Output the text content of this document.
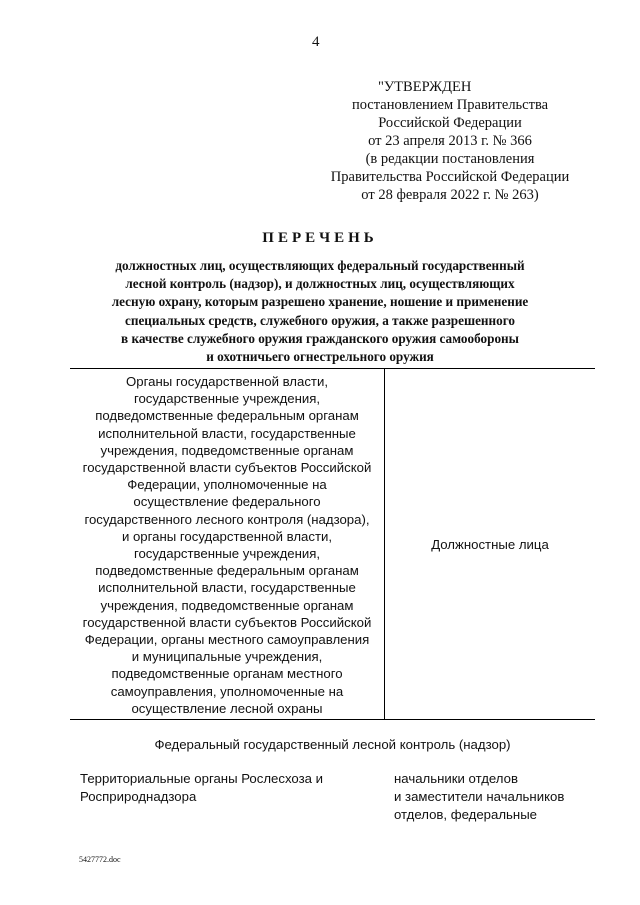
4
"УТВЕРЖДЕН
постановлением Правительства
Российской Федерации
от 23 апреля 2013 г. № 366
(в редакции постановления
Правительства Российской Федерации
от 28 февраля 2022 г. № 263)
ПЕРЕЧЕНЬ
должностных лиц, осуществляющих федеральный государственный
лесной контроль (надзор), и должностных лиц, осуществляющих
лесную охрану, которым разрешено хранение, ношение и применение
специальных средств, служебного оружия, а также разрешенного
в качестве служебного оружия гражданского оружия самообороны
и охотничьего огнестрельного оружия
Органы государственной власти,
государственные учреждения,
подведомственные федеральным органам
исполнительной власти, государственные
учреждения, подведомственные органам
государственной власти субъектов Российской
Федерации, уполномоченные на
осуществление федерального
государственного лесного контроля (надзора),
и органы государственной власти,
государственные учреждения,
подведомственные федеральным органам
исполнительной власти, государственные
учреждения, подведомственные органам
государственной власти субъектов Российской
Федерации, органы местного самоуправления
и муниципальные учреждения,
подведомственные органам местного
самоуправления, уполномоченные на
осуществление лесной охраны
Должностные лица
Федеральный государственный лесной контроль (надзор)
Территориальные органы Рослесхоза и
Росприроднадзора
начальники отделов
и заместители начальников
отделов, федеральные
5427772.doc
